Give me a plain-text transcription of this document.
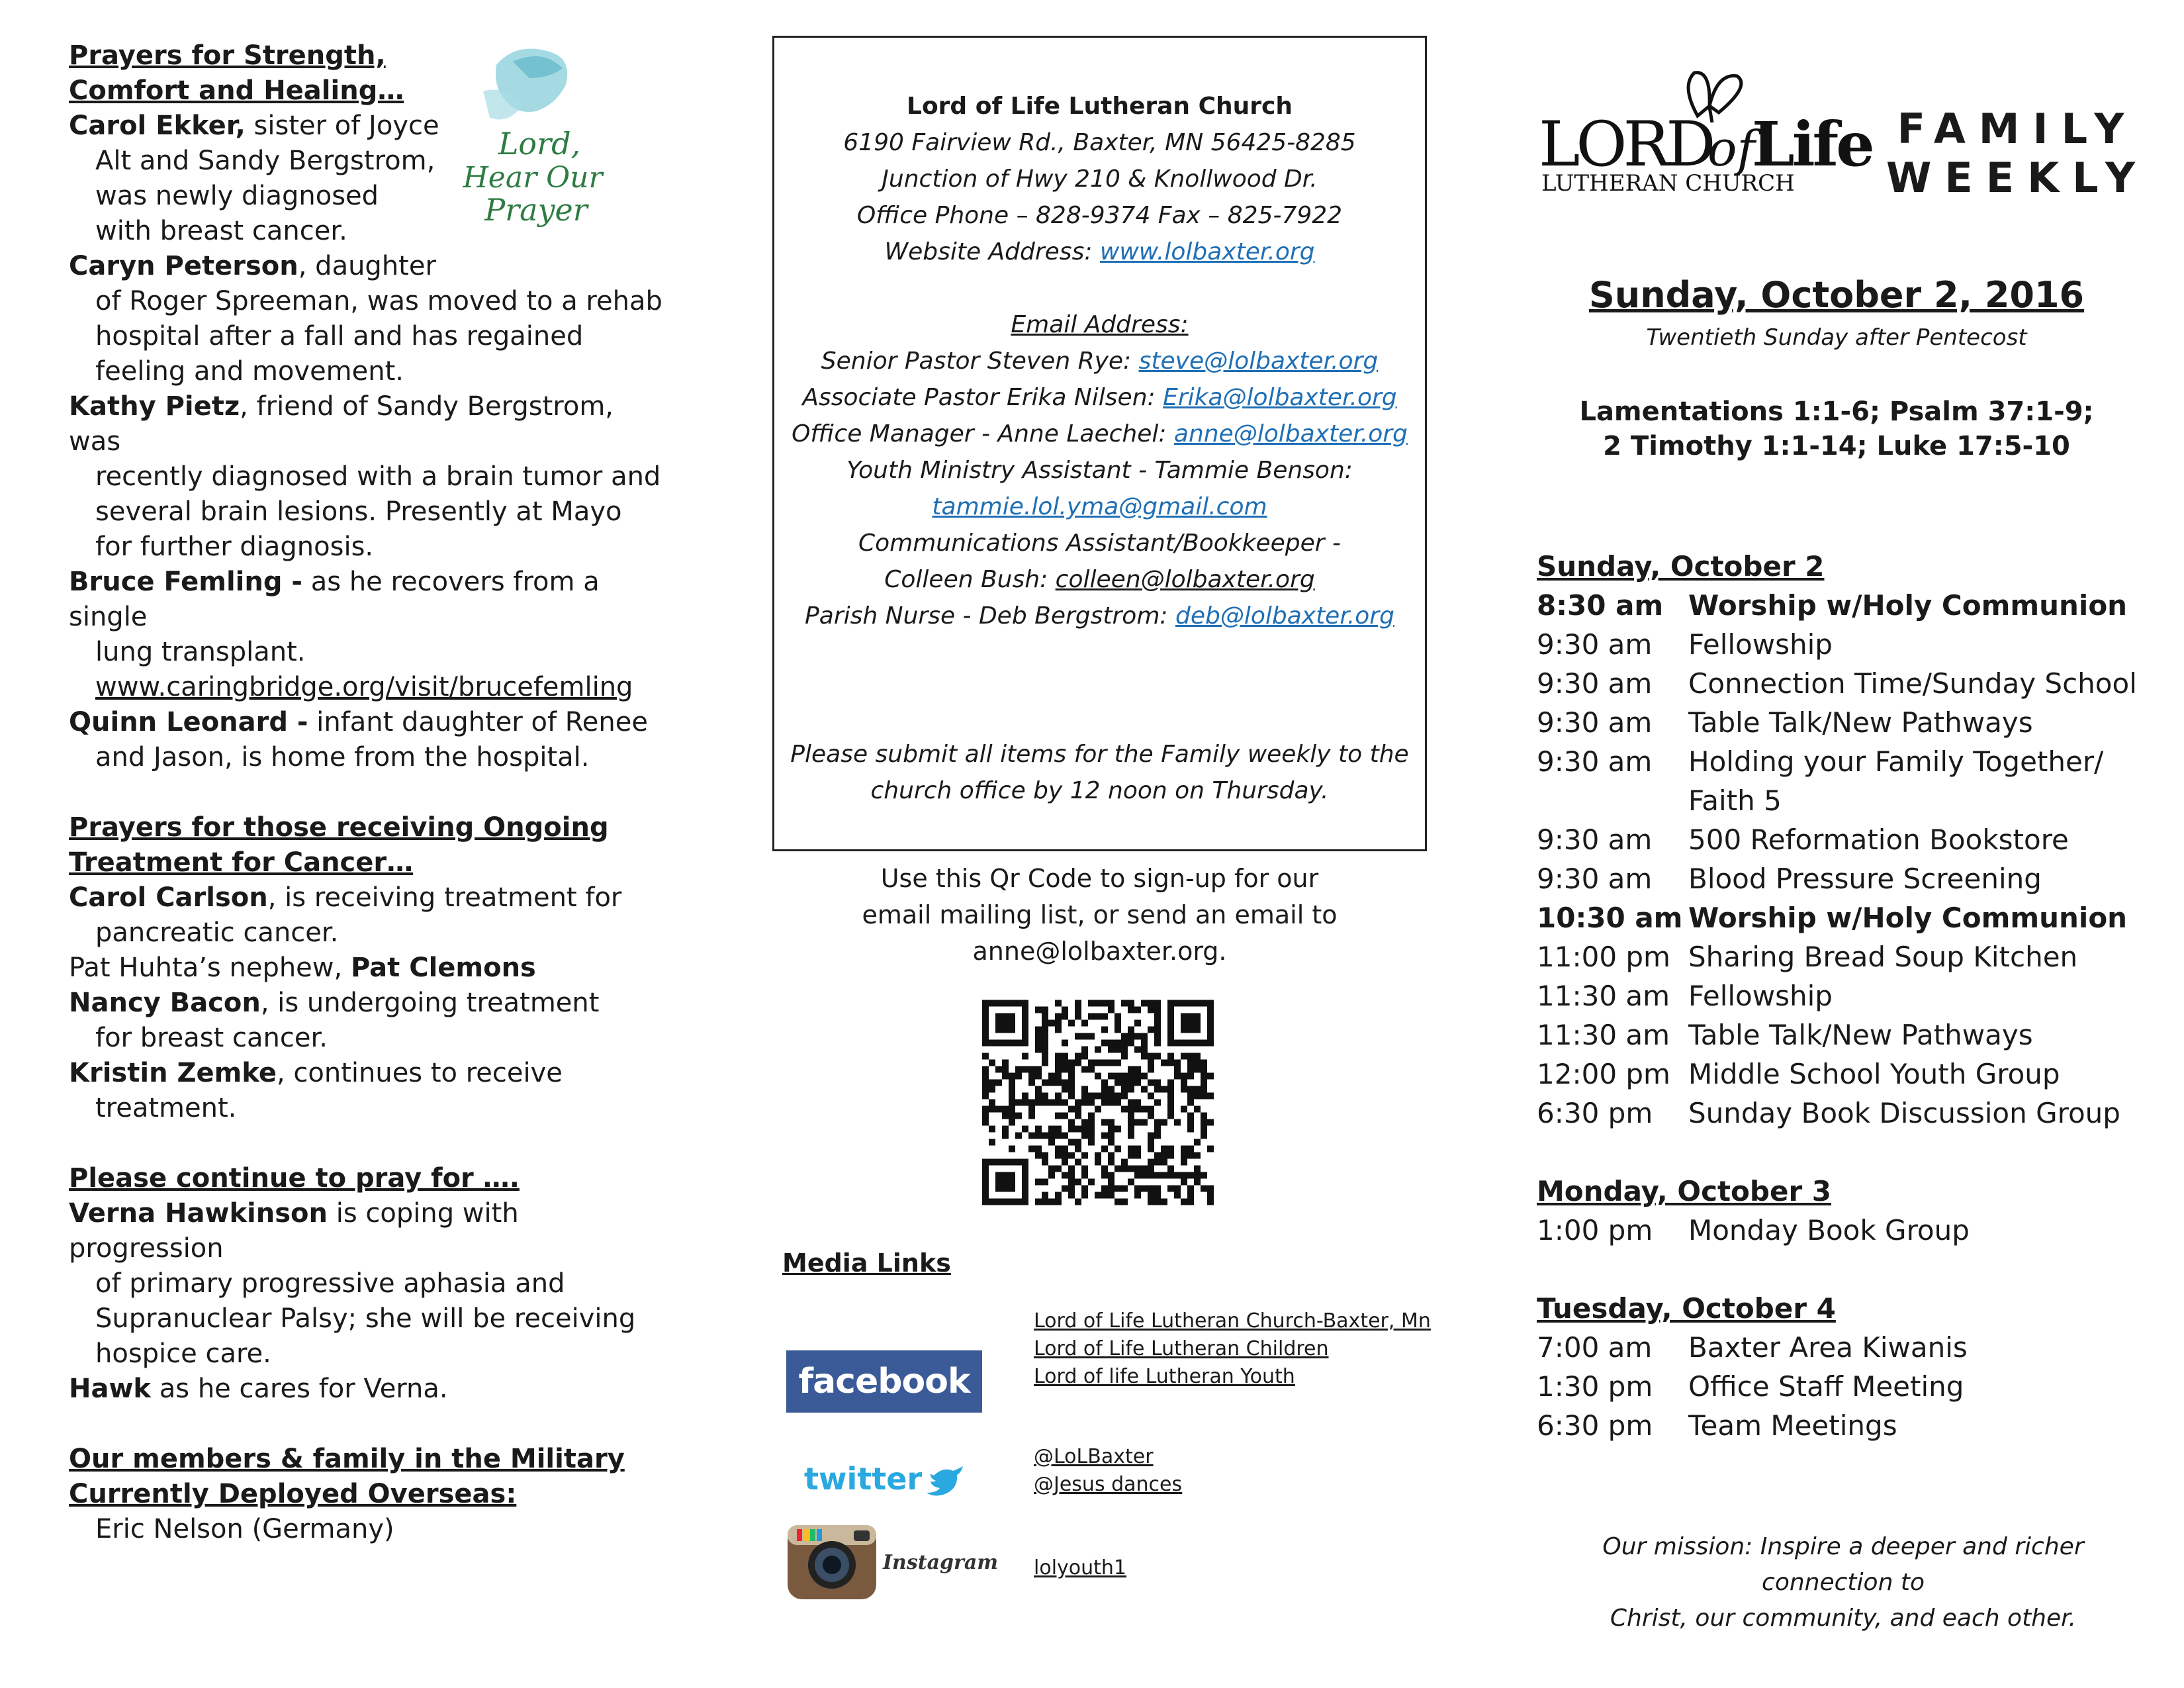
Prayers for Strength,
Comfort and Healing…
Carol Ekker, sister of Joyce
Alt and Sandy Bergstrom,
was newly diagnosed
with breast cancer.
Caryn Peterson, daughter
of Roger Spreeman, was moved to a rehab
hospital after a fall and has regained
feeling and movement.
Kathy Pietz, friend of Sandy Bergstrom, was
recently diagnosed with a brain tumor and
several brain lesions. Presently at Mayo
for further diagnosis.
Bruce Femling - as he recovers from a single
lung transplant.
www.caringbridge.org/visit/brucefemling
Quinn Leonard - infant daughter of Renee
and Jason, is home from the hospital.
Prayers for those receiving Ongoing
Treatment for Cancer…
Carol Carlson, is receiving treatment for
pancreatic cancer.
Pat Huhta’s nephew, Pat Clemons
Nancy Bacon, is undergoing treatment
for breast cancer.
Kristin Zemke, continues to receive
treatment.
Please continue to pray for ….
Verna Hawkinson is coping with progression
of primary progressive aphasia and
Supranuclear Palsy; she will be receiving
hospice care.
Hawk as he cares for Verna.
Our members & family in the Military
Currently Deployed Overseas:
Eric Nelson (Germany)
Lord,
Hear Our
Prayer
Lord of Life Lutheran Church
6190 Fairview Rd., Baxter, MN 56425-8285
Junction of Hwy 210 & Knollwood Dr.
Office Phone – 828-9374 Fax – 825-7922
Website Address: www.lolbaxter.org
Email Address:
Senior Pastor Steven Rye: steve@lolbaxter.org
Associate Pastor Erika Nilsen: Erika@lolbaxter.org
Office Manager - Anne Laechel: anne@lolbaxter.org
Youth Ministry Assistant - Tammie Benson:
tammie.lol.yma@gmail.com
Communications Assistant/Bookkeeper -
Colleen Bush: colleen@lolbaxter.org
Parish Nurse - Deb Bergstrom: deb@lolbaxter.org
Please submit all items for the Family weekly to the
church office by 12 noon on Thursday.
Use this Qr Code to sign-up for our
email mailing list, or send an email to
anne@lolbaxter.org.
Media Links
facebook
Lord of Life Lutheran Church-Baxter, Mn
Lord of Life Lutheran Children
Lord of life Lutheran Youth
twitter
@LoLBaxter
@Jesus dances
Instagram lolyouth1
LORD
of
Life
LUTHERAN CHURCH
FAMILY
WEEKLY
Sunday, October 2, 2016
Twentieth Sunday after Pentecost
Lamentations 1:1-6; Psalm 37:1-9;
2 Timothy 1:1-14; Luke 17:5-10
Sunday, October 2
8:30 am Worship w/Holy Communion
9:30 am	Fellowship
9:30 am	Connection Time/Sunday School
9:30 am	Table Talk/New Pathways
9:30 am	Holding your Family Together/
Faith 5
9:30 am	500 Reformation Bookstore
9:30 am	Blood Pressure Screening
10:30 am Worship w/Holy Communion
11:00 pm Sharing Bread Soup Kitchen
11:30 am Fellowship
11:30 am Table Talk/New Pathways
12:00 pm Middle School Youth Group
6:30 pm	Sunday Book Discussion Group
Monday, October 3
1:00 pm	Monday Book Group
Tuesday, October 4
7:00 am	Baxter Area Kiwanis
1:30 pm	Office Staff Meeting
6:30 pm	Team Meetings
Our mission: Inspire a deeper and richer connection to
Christ, our community, and each other.
